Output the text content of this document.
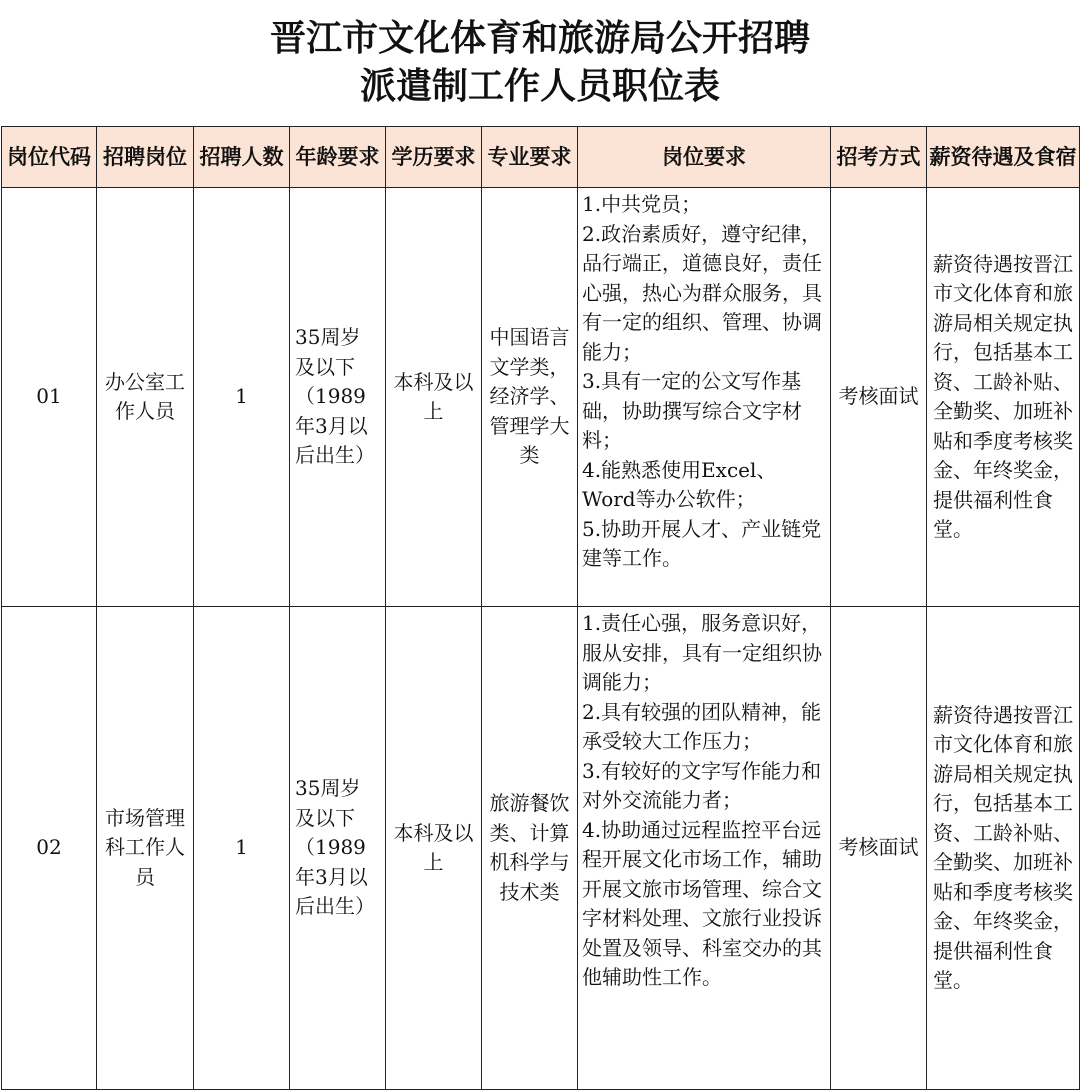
晋江市文化体育和旅游局公开招聘
派遣制工作人员职位表
岗位代码	招聘岗位	招聘人数	年龄要求	学历要求	专业要求	岗位要求	招考方式	薪资待遇及食宿
01	办公室工作人员	1	35周岁及以下（1989年3月以后出生）	本科及以上	中国语言文学类，经济学、管理学大类	1.中共党员；
2.政治素质好，遵守纪律，品行端正，道德良好，责任心强，热心为群众服务，具有一定的组织、管理、协调能力；
3.具有一定的公文写作基础，协助撰写综合文字材料；
4.能熟悉使用Excel、Word等办公软件；
5.协助开展人才、产业链党建等工作。	考核面试	薪资待遇按晋江市文化体育和旅游局相关规定执行，包括基本工资、工龄补贴、全勤奖、加班补贴和季度考核奖金、年终奖金，提供福利性食堂。
02	市场管理科工作人员	1	35周岁及以下（1989年3月以后出生）	本科及以上	旅游餐饮类、计算机科学与技术类	1.责任心强，服务意识好，服从安排，具有一定组织协调能力；
2.具有较强的团队精神，能承受较大工作压力；
3.有较好的文字写作能力和对外交流能力者；
4.协助通过远程监控平台远程开展文化市场工作，辅助开展文旅市场管理、综合文字材料处理、文旅行业投诉处置及领导、科室交办的其他辅助性工作。	考核面试	薪资待遇按晋江市文化体育和旅游局相关规定执行，包括基本工资、工龄补贴、全勤奖、加班补贴和季度考核奖金、年终奖金，提供福利性食堂。
